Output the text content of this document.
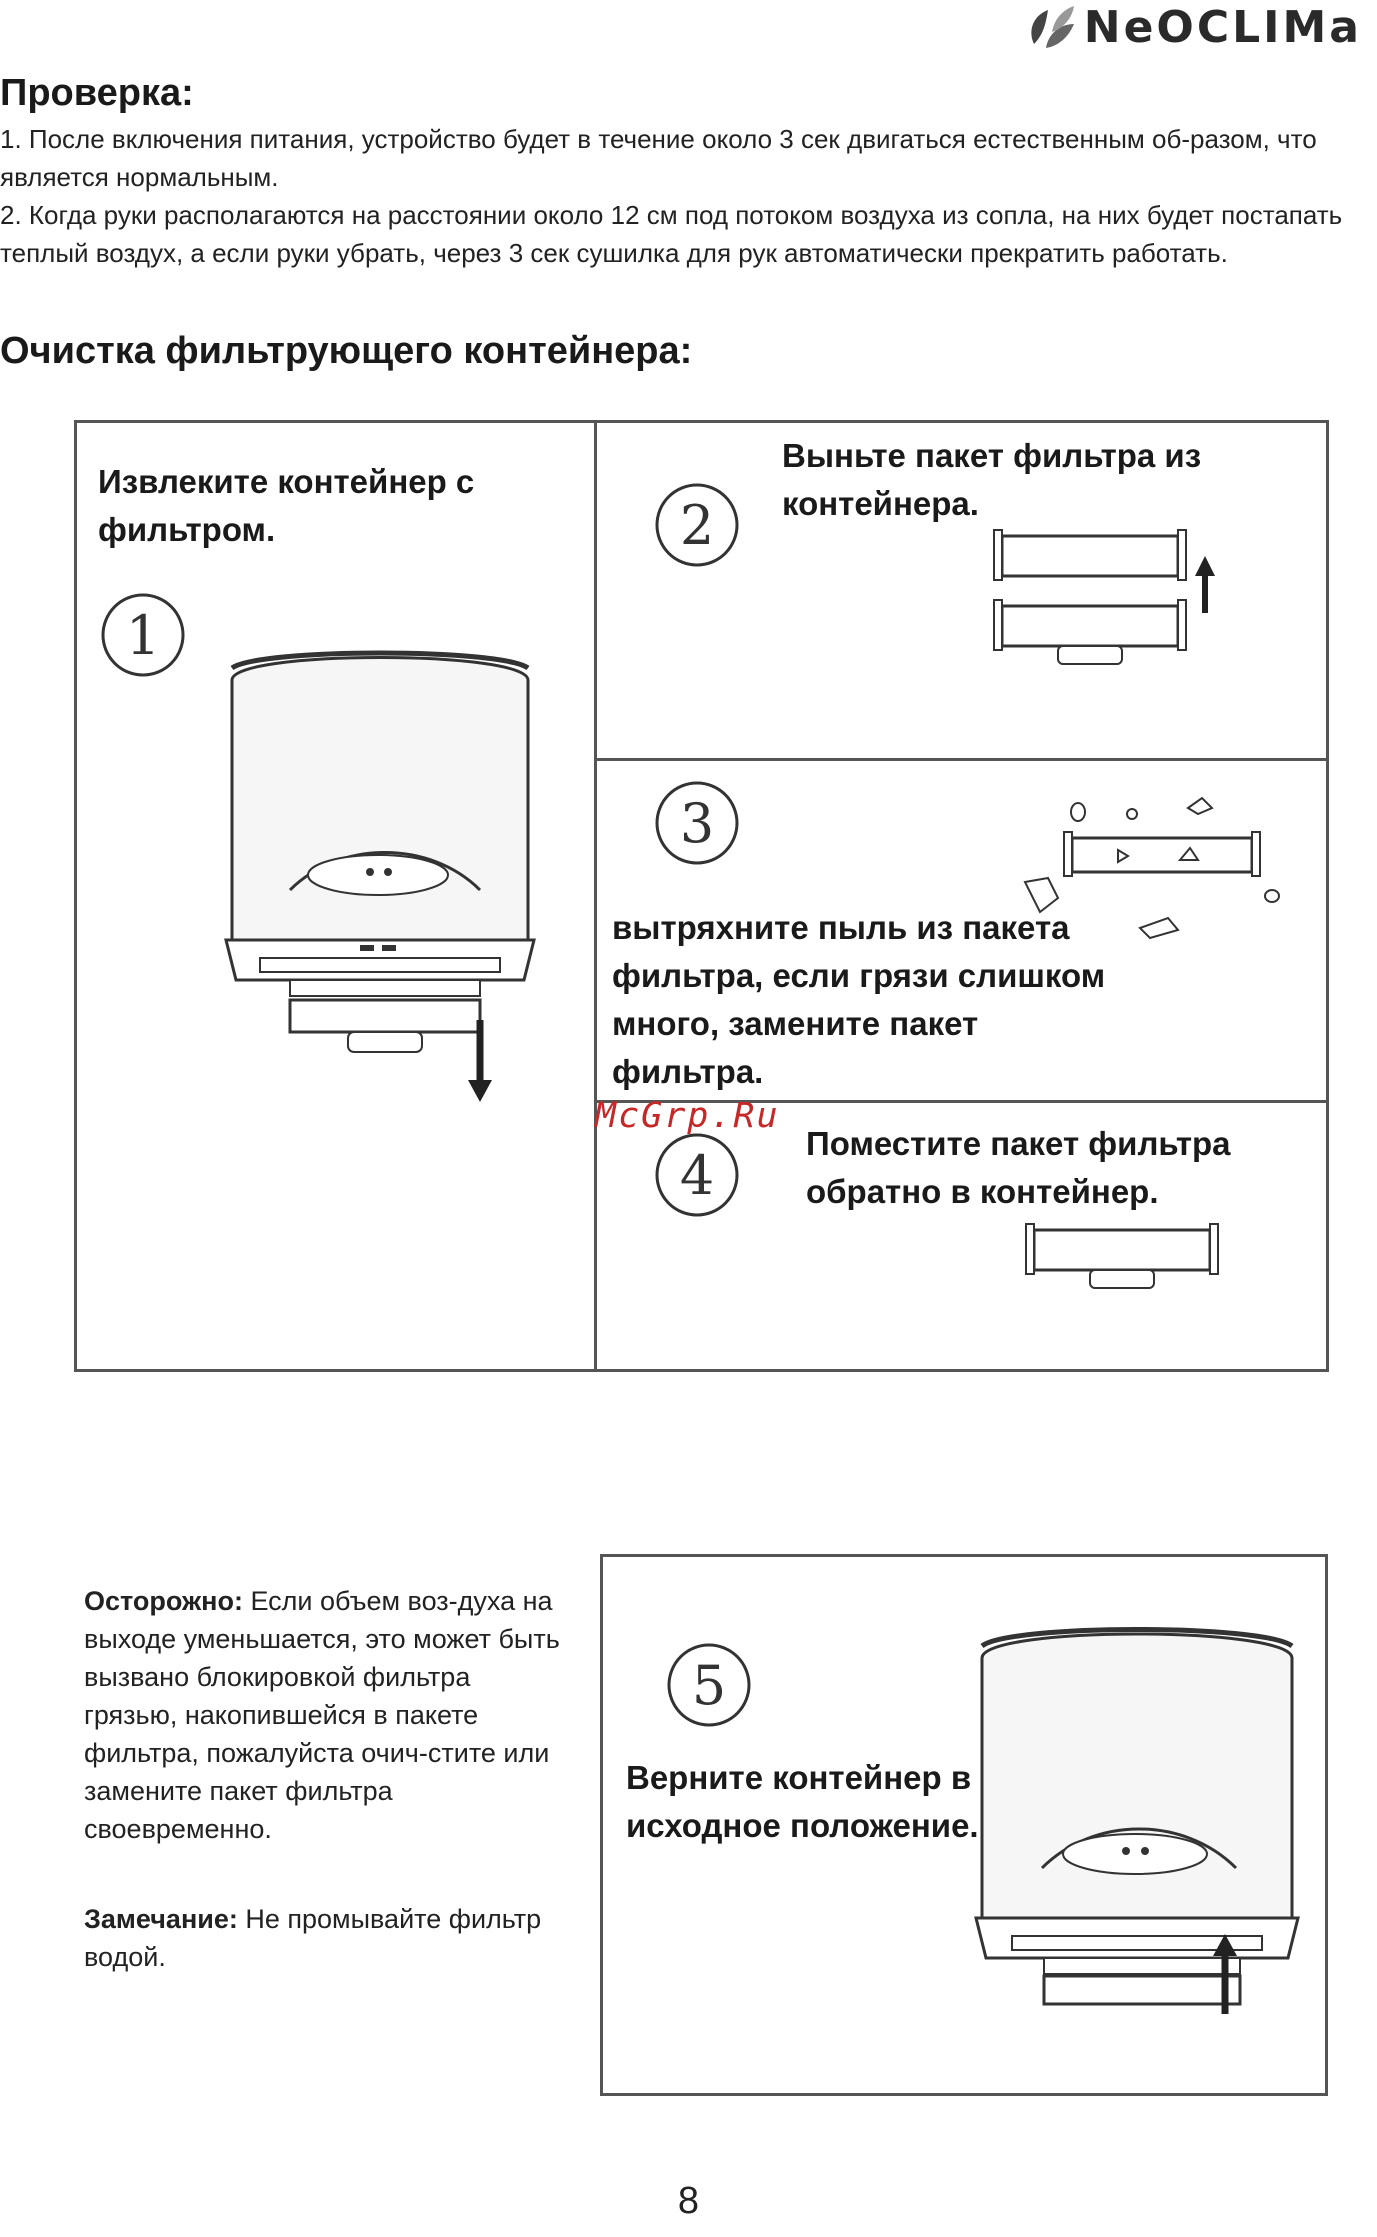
NeOCLIMa
Проверка:

1. После включения питания, устройство будет в течение около 3 сек двигаться естественным об-разом, что является нормальным.

2. Когда руки располагаются на расстоянии около 12 см под потоком воздуха из сопла, на них будет постапать теплый воздух, а если руки убрать, через 3 сек сушилка для рук автоматически прекратить работать.

Очистка фильтрующего контейнера:

Извлеките контейнер с фильтром.

1
2

Выньте пакет фильтра из контейнера.

3

вытряхните пыль из пакета фильтра, если грязи слишком много, замените пакет фильтра.

4

Поместите пакет фильтра обратно в контейнер.

McGrp.Ru

Осторожно: Если объем воз-духа на выходе уменьшается, это может быть вызвано блокировкой фильтра грязью, накопившейся в пакете фильтра, пожалуйста очич-стите или замените пакет фильтра своевременно.

Замечание: Не промывайте фильтр водой.

5

Верните контейнер в исходное положение.

8
